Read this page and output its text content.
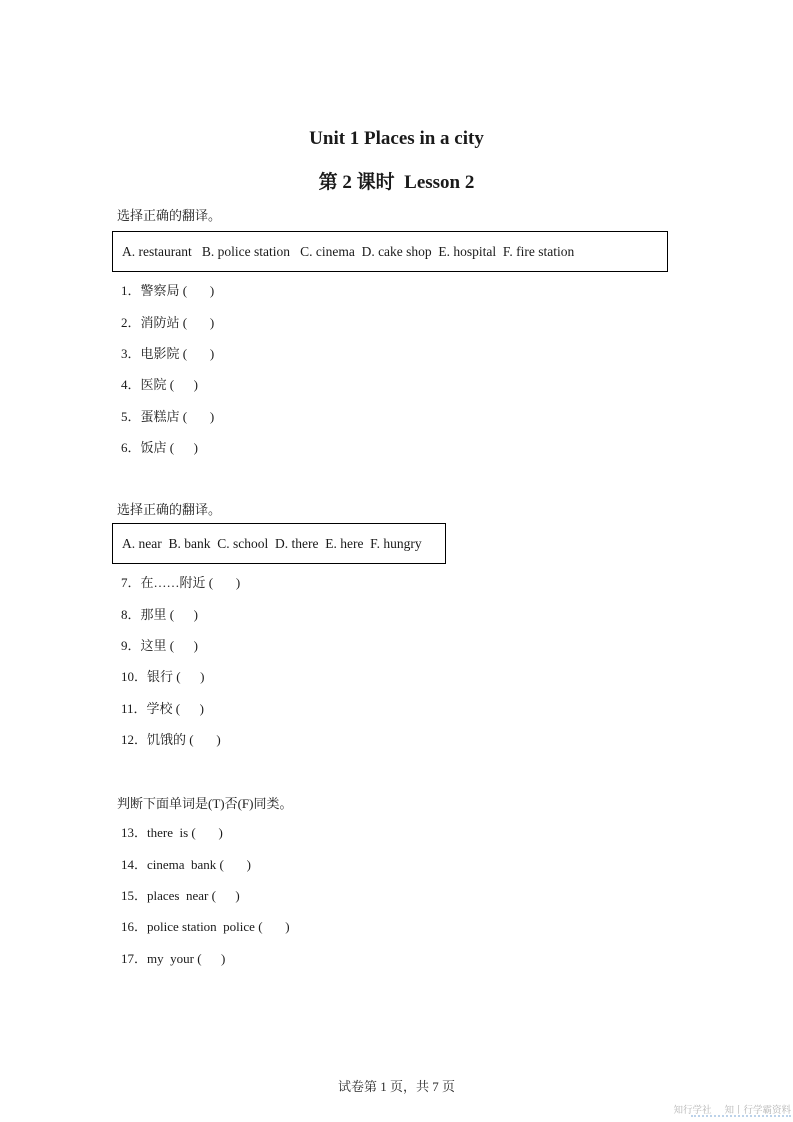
Unit 1 Places in a city
第 2 课时  Lesson 2
选择正确的翻译。
A. restaurant   B. police station   C. cinema  D. cake shop  E. hospital  F. fire station
1．警察局 (       )
2．消防站 (       )
3．电影院 (       )
4．医院 (      )
5．蛋糕店 (       )
6．饭店 (      )
选择正确的翻译。
A. near  B. bank  C. school  D. there  E. here  F. hungry
7．在……附近 (       )
8．那里 (      )
9．这里 (      )
10．银行 (      )
11．学校 (      )
12．饥饿的 (       )
判断下面单词是(T)否(F)同类。
13．there  is (       )
14．cinema  bank (       )
15．places  near (      )
16．police station  police (       )
17．my  your (      )
试卷第 1 页，共 7 页
知行学社 知丨行学霸资料
